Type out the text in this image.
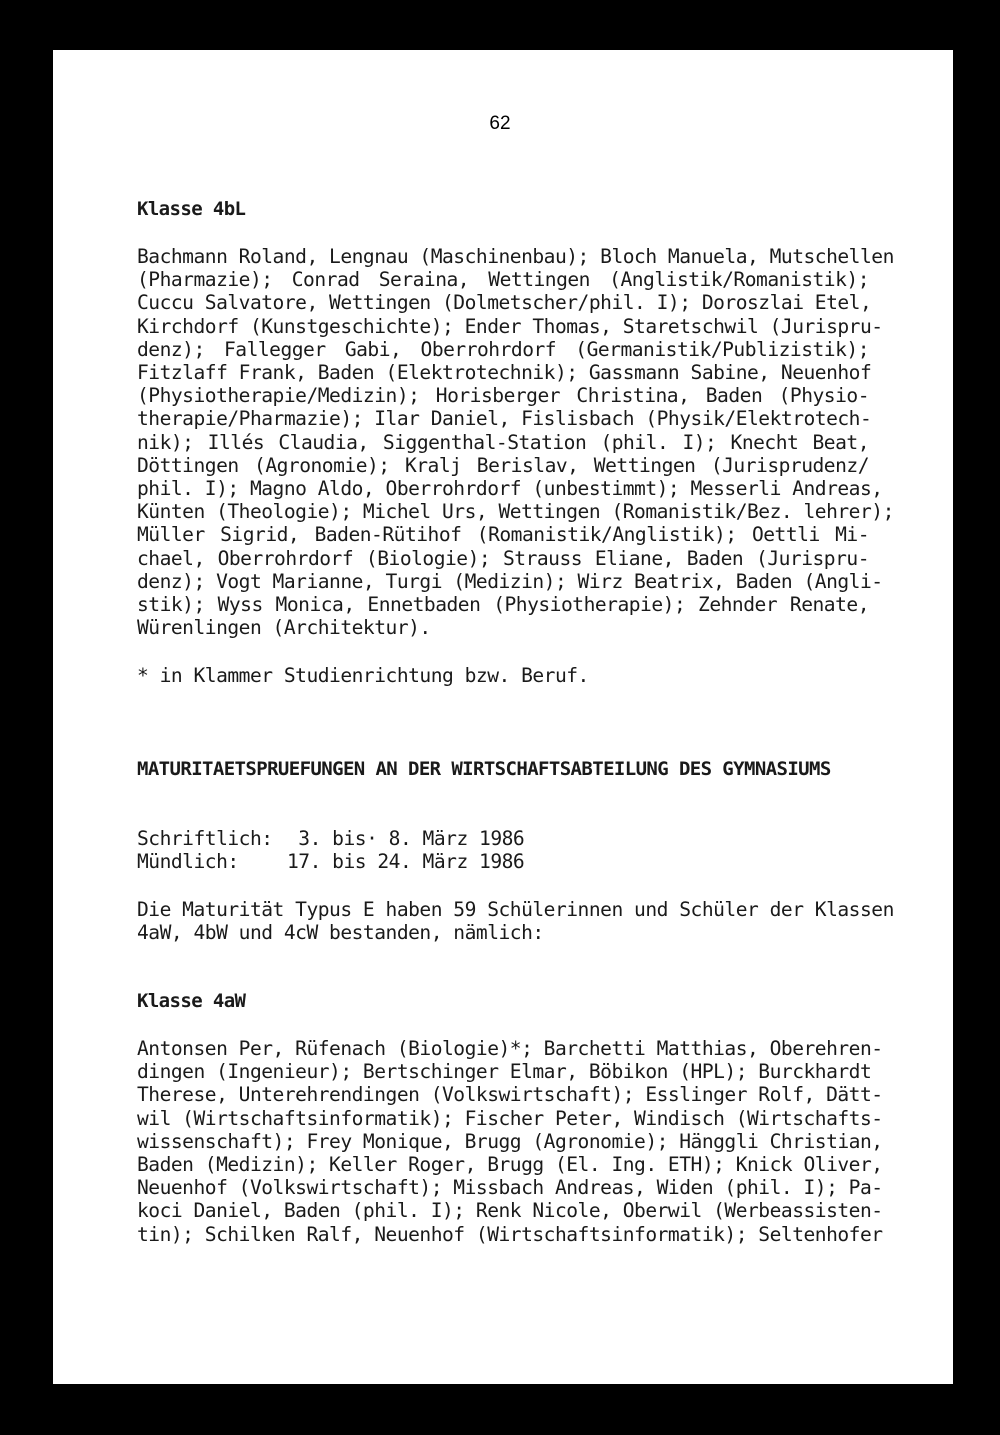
62
Klasse 4bL
Bachmann Roland, Lengnau (Maschinenbau); Bloch Manuela, Mutschellen
(Pharmazie); Conrad Seraina, Wettingen (Anglistik/Romanistik);
Cuccu Salvatore, Wettingen (Dolmetscher/phil. I); Doroszlai Etel,
Kirchdorf (Kunstgeschichte); Ender Thomas, Staretschwil (Jurispru-
denz); Fallegger Gabi, Oberrohrdorf (Germanistik/Publizistik);
Fitzlaff Frank, Baden (Elektrotechnik); Gassmann Sabine, Neuenhof
(Physiotherapie/Medizin); Horisberger Christina, Baden (Physio-
therapie/Pharmazie); Ilar Daniel, Fislisbach (Physik/Elektrotech-
nik); Illés Claudia, Siggenthal-Station (phil. I); Knecht Beat,
Döttingen (Agronomie); Kralj Berislav, Wettingen (Jurisprudenz/
phil. I); Magno Aldo, Oberrohrdorf (unbestimmt); Messerli Andreas,
Künten (Theologie); Michel Urs, Wettingen (Romanistik/Bez. lehrer);
Müller Sigrid, Baden-Rütihof (Romanistik/Anglistik); Oettli Mi-
chael, Oberrohrdorf (Biologie); Strauss Eliane, Baden (Jurispru-
denz); Vogt Marianne, Turgi (Medizin); Wirz Beatrix, Baden (Angli-
stik); Wyss Monica, Ennetbaden (Physiotherapie); Zehnder Renate,
Würenlingen (Architektur).
* in Klammer Studienrichtung bzw. Beruf.
MATURITAETSPRUEFUNGEN AN DER WIRTSCHAFTSABTEILUNG DES GYMNASIUMS
Schriftlich: 3. bis· 8. März 1986
Mündlich: 17. bis 24. März 1986
Die Maturität Typus E haben 59 Schülerinnen und Schüler der Klassen
4aW, 4bW und 4cW bestanden, nämlich:
Klasse 4aW
Antonsen Per, Rüfenach (Biologie)*; Barchetti Matthias, Oberehren-
dingen (Ingenieur); Bertschinger Elmar, Böbikon (HPL); Burckhardt
Therese, Unterehrendingen (Volkswirtschaft); Esslinger Rolf, Dätt-
wil (Wirtschaftsinformatik); Fischer Peter, Windisch (Wirtschafts-
wissenschaft); Frey Monique, Brugg (Agronomie); Hänggli Christian,
Baden (Medizin); Keller Roger, Brugg (El. Ing. ETH); Knick Oliver,
Neuenhof (Volkswirtschaft); Missbach Andreas, Widen (phil. I); Pa-
koci Daniel, Baden (phil. I); Renk Nicole, Oberwil (Werbeassisten-
tin); Schilken Ralf, Neuenhof (Wirtschaftsinformatik); Seltenhofer
